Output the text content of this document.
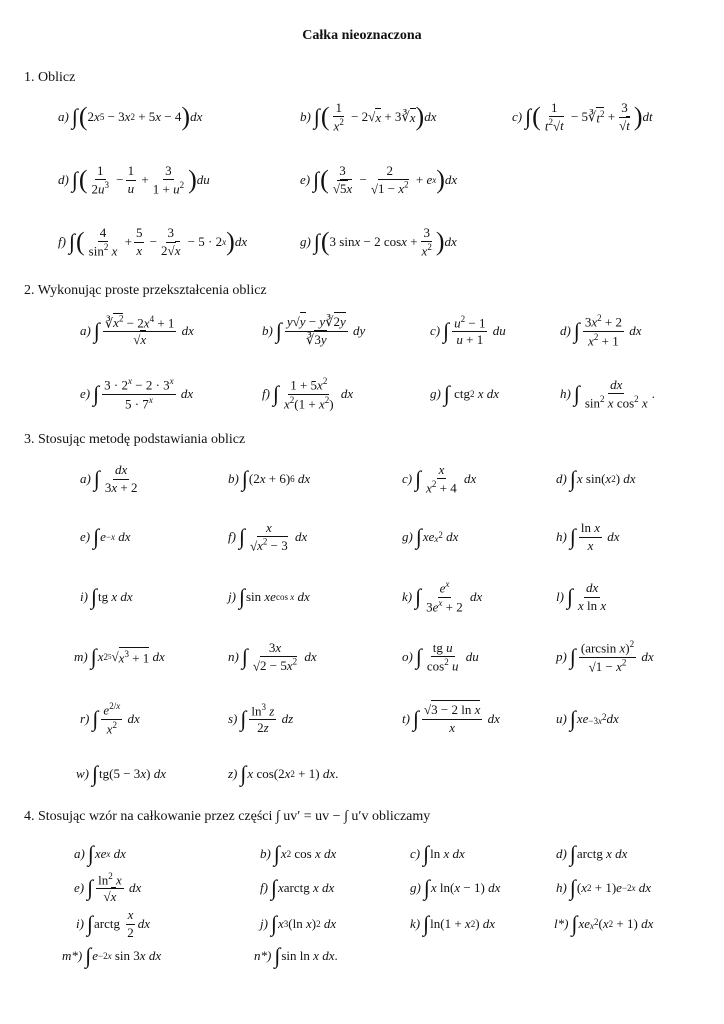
Całka nieoznaczona
1. Oblicz
a) ∫ ( 2 x 5 − 3 x 2 + 5 x − 4 ) dx	b) ∫ ( $\frac{1}{x^2} - 2$ √ x + 3 ∛ x ) dx	c) ∫ ( $\frac{1}{t^2√t} - 5$ ∛ $t^2 + \frac{3}{√t}$ ) dt
d) ∫ ( $\frac{1}{2u^3} - \frac{1}{u} + \frac{3}{1 + u^2}$ ) du	e) ∫ ( $\frac{3}{√5x} - \frac{2}{√1 - x^2} + e$ x ) dx
f) ∫ ( $\frac{4}{\sin^2 x} + \frac{5}{x} - \frac{3}{2√x} - 5 \cdot 2$ x ) dx	g) ∫ ( 3 sin x − 2 $\cos x + \frac{3}{x^2}$ ) dx
2. Wykonując proste przekształcenia oblicz
a) ∫ $\frac{∛x^2 - 2x^4 + 1}{√x}$
dx	b) ∫ $\frac{y√y - y∛2y}{∛3y}$
dy	c) ∫ $\frac{u^2 - 1}{u + 1}$
du	d) ∫ $\frac{3x^2 + 2}{x^2 + 1}$
dx
e) ∫ $\frac{3 \cdot 2^x - 2 \cdot 3^x}{5 \cdot 7^x}$
dx	f) ∫ $\frac{1 + 5x^2}{x^2(1 + x^2)}$
dx	g) ∫ ctg 2
x
dx	h) ∫ $\frac{dx}{\sin^2 x \cos^2 x}$ .
3. Stosując metodę podstawiania oblicz
a) ∫ $\frac{dx}{3x + 2}$	b) ∫ (2 x + 6) 6
dx	c) ∫ $\frac{x}{x^2 + 4}$
dx	d) ∫ x sin( x 2 ) dx
e) ∫ e −x
dx	f) ∫ $\frac{x}{√x^2 - 3}$
dx	g) ∫ xe $x^2$
dx	h) ∫ $\frac{\text{ln x}}{x}$
dx
i) ∫ tg x
dx	j) ∫ sin xe cos x
dx	k) ∫ $\frac{e^x}{3e^x + 2}$
dx	l) ∫ $\frac{dx}{\text{x ln x}}$
m) ∫ x 2 5 √ $x^3 + 1$
dx	n) ∫ $\frac{3x}{√2 - 5x^2}$
dx	o) ∫ $\frac{\text{tg u}}{\cos^2 u}$
du	p) ∫ $\frac{(\arcsin x)^2}{√1 - x^2}$
dx
r) ∫ $\frac{e^{2/x}}{x^2}$
dx	s) ∫ $\frac{\ln^3 z}{2z}$
dz	t) ∫ $\frac{\text{√3 − 2 ln x}}{x}$
dx	u) ∫ xe $-3x^2$ dx
w) ∫ tg(5 − 3 x ) dx	z) ∫ x cos(2 x 2 + 1) dx .
4. Stosując wzór na całkowanie przez części ∫ uv′ = uv − ∫ u′v obliczamy
a) ∫ xe x
dx	b) ∫ x 2 cos x
dx	c) ∫ ln x
dx	d) ∫ arctg x
dx
e) ∫ $\frac{\ln^2 x}{√x}$
dx	f) ∫ x arctg x
dx	g) ∫ x ln( x − 1) dx	h) ∫ ( x 2 + 1) e −2x
dx
i) ∫ arctg $\frac{x}{2}$ dx	j) ∫ x 3 (ln x ) 2
dx	k) ∫ ln(1 + x 2 ) dx	l*) ∫ xe $x^2$ ( x 2 + 1) dx
m*) ∫ e −2x sin 3 x
dx	n*) ∫ sin ln x
dx .
